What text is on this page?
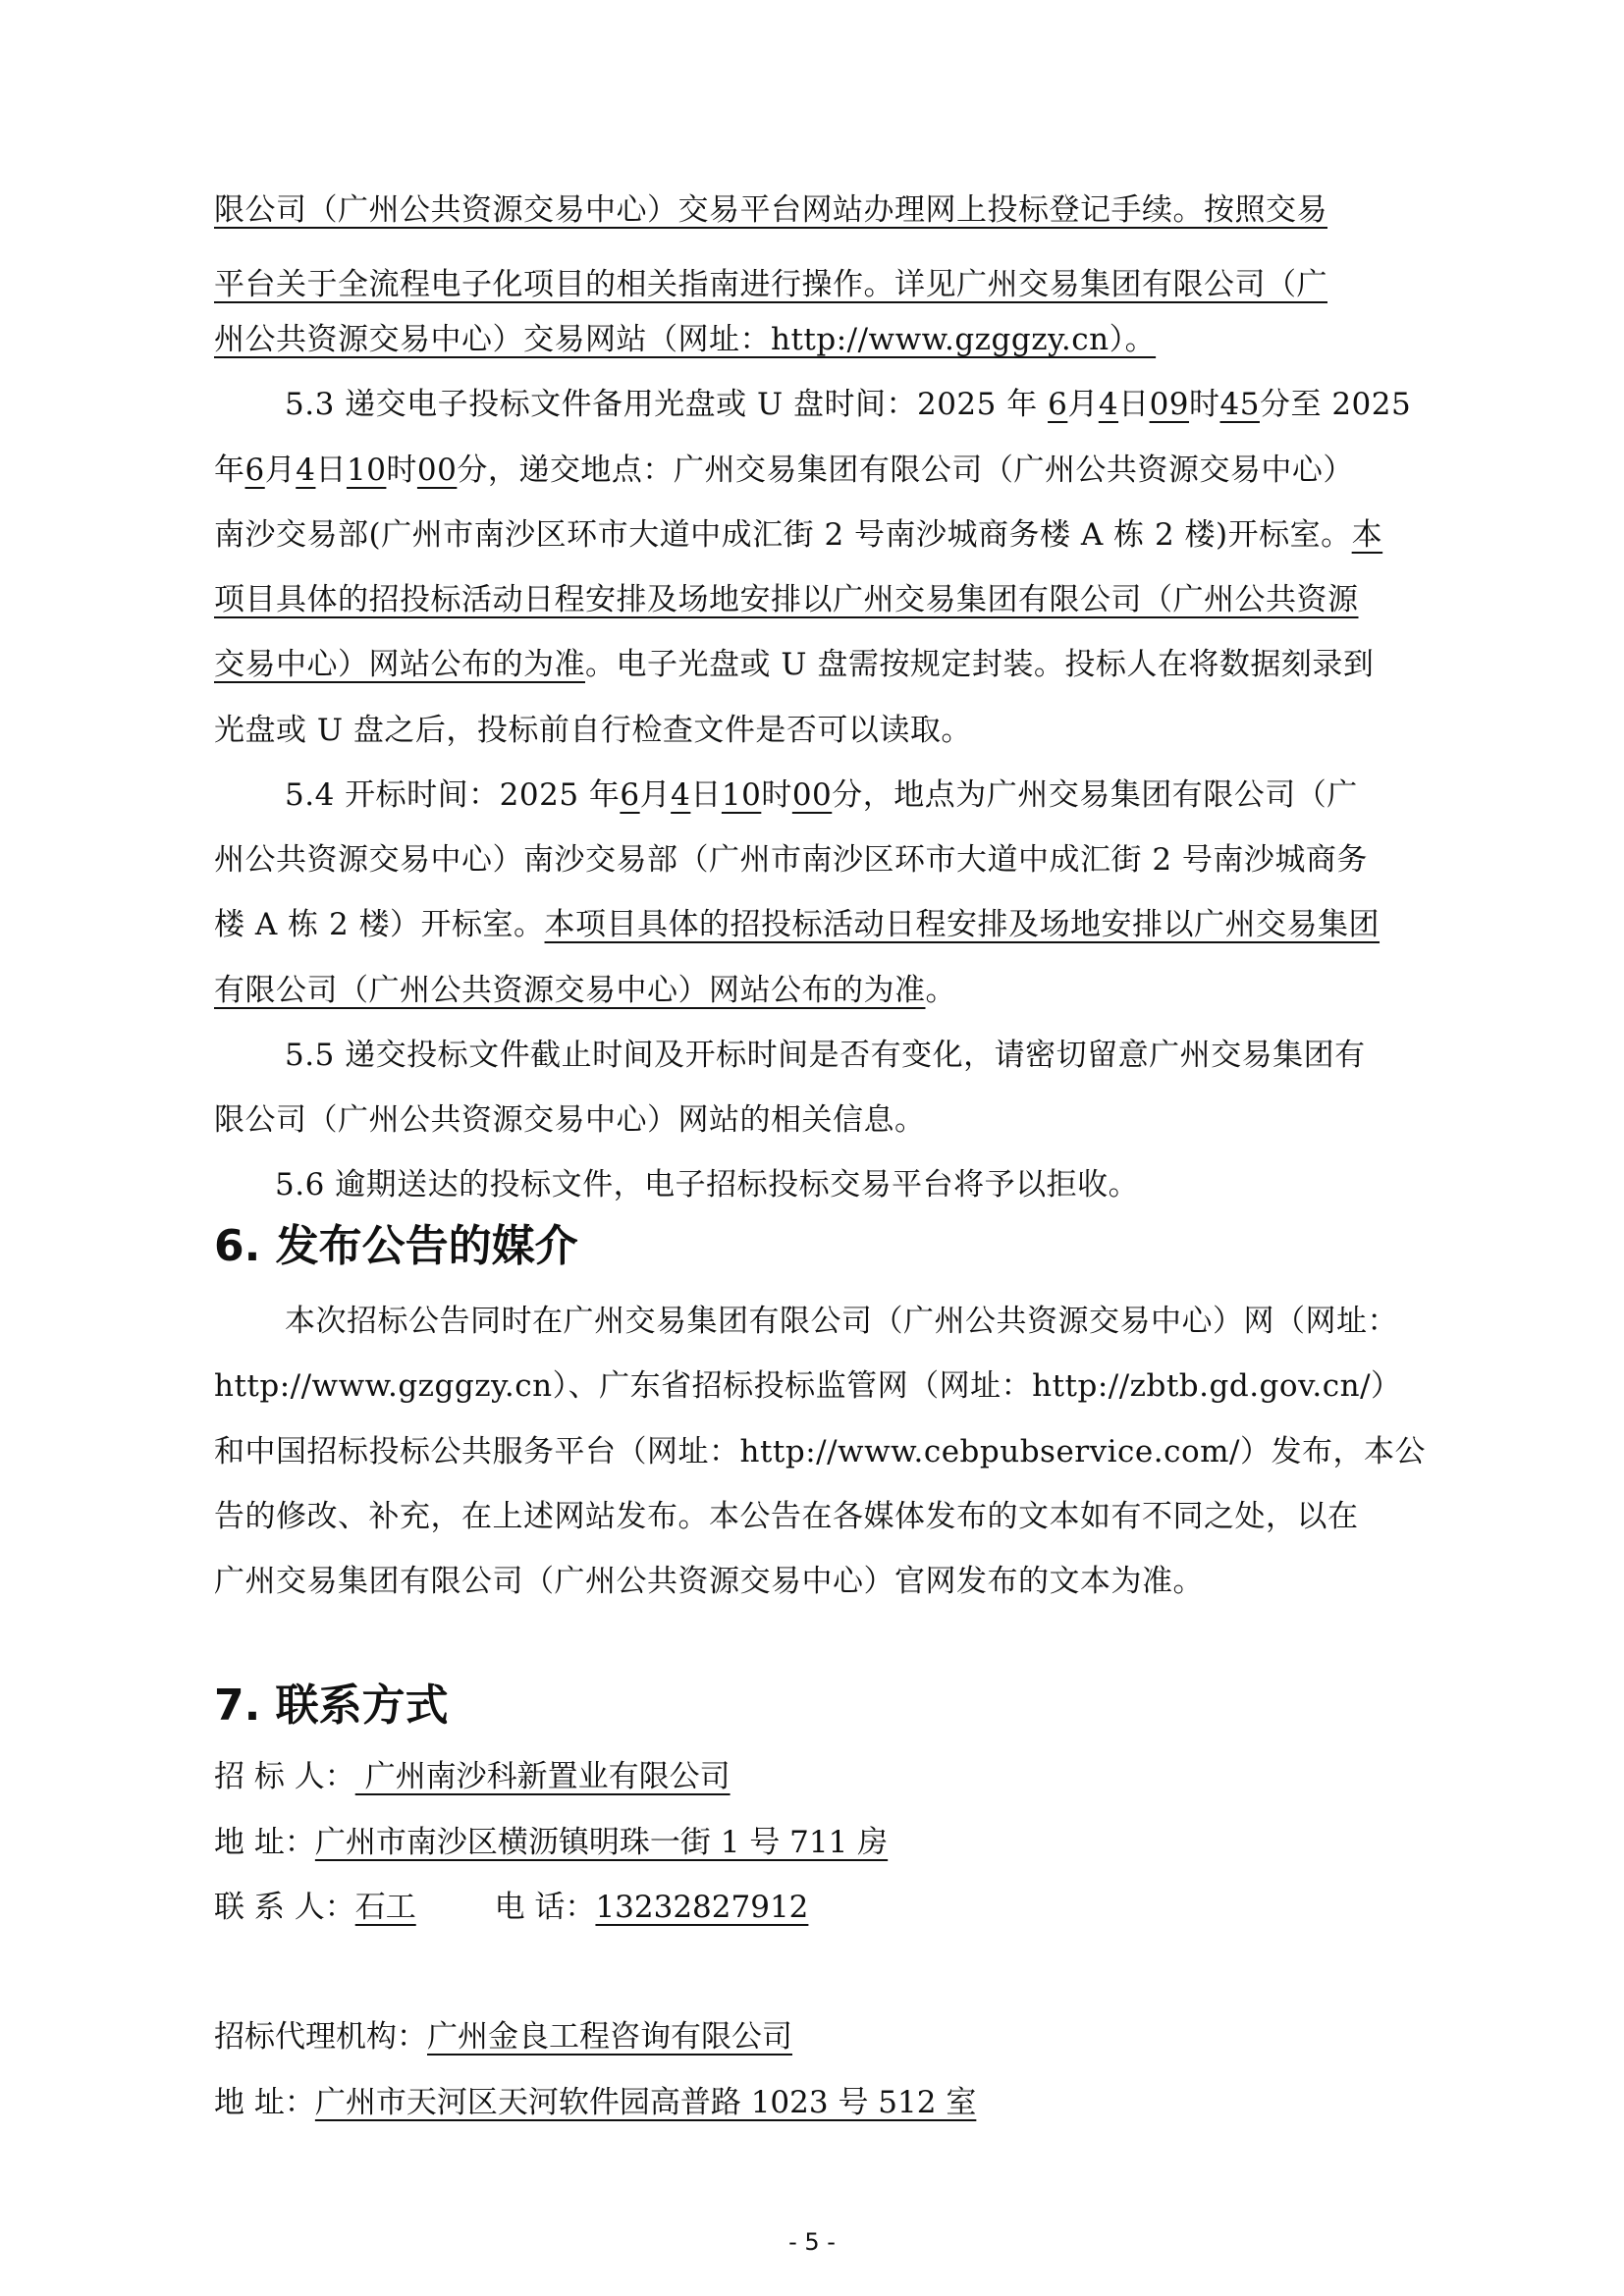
限公司（广州公共资源交易中心）交易平台网站办理网上投标登记手续。按照交易
平台关于全流程电子化项目的相关指南进行操作。详见广州交易集团有限公司（广
州公共资源交易中心）交易网站（网址：http://www.gzggzy.cn）。
5.3 递交电子投标文件备用光盘或 U 盘时间：2025 年 6月4日09时45分至 2025
年6月4日10时00分，递交地点：广州交易集团有限公司（广州公共资源交易中心）
南沙交易部(广州市南沙区环市大道中成汇街 2 号南沙城商务楼 A 栋 2 楼)开标室。本
项目具体的招投标活动日程安排及场地安排以广州交易集团有限公司（广州公共资源
交易中心）网站公布的为准。电子光盘或 U 盘需按规定封装。投标人在将数据刻录到
光盘或 U 盘之后，投标前自行检查文件是否可以读取。
5.4 开标时间：2025 年6月4日10时00分，地点为广州交易集团有限公司（广
州公共资源交易中心）南沙交易部（广州市南沙区环市大道中成汇街 2 号南沙城商务
楼 A 栋 2 楼）开标室。本项目具体的招投标活动日程安排及场地安排以广州交易集团
有限公司（广州公共资源交易中心）网站公布的为准。
5.5 递交投标文件截止时间及开标时间是否有变化，请密切留意广州交易集团有
限公司（广州公共资源交易中心）网站的相关信息。
5.6 逾期送达的投标文件，电子招标投标交易平台将予以拒收。
6. 发布公告的媒介
本次招标公告同时在广州交易集团有限公司（广州公共资源交易中心）网（网址：
http://www.gzggzy.cn）、广东省招标投标监管网（网址：http://zbtb.gd.gov.cn/）
和中国招标投标公共服务平台（网址：http://www.cebpubservice.com/）发布，本公
告的修改、补充，在上述网站发布。本公告在各媒体发布的文本如有不同之处，以在
广州交易集团有限公司（广州公共资源交易中心）官网发布的文本为准。
7. 联系方式
招 标 人： 广州南沙科新置业有限公司
地 址：广州市南沙区横沥镇明珠一街 1 号 711 房
联 系 人：石工	电 话：13232827912
招标代理机构：广州金良工程咨询有限公司
地 址：广州市天河区天河软件园高普路 1023 号 512 室
- 5 -
